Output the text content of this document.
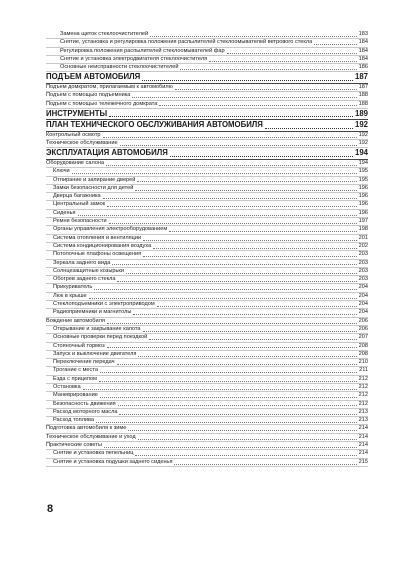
Замена щеток стеклоочистителей	183
Снятие, установка и регулировка положения распылителей стеклоомывателей ветрового стекла	184
Регулировка положения распылителей стеклоомывателей фар	184
Снятие и установка электродвигателя стеклоочистителя	184
Основные неисправности стеклоочистителей	186
ПОДЪЕМ АВТОМОБИЛЯ	187
Подъем домкратом, прилагаемым к автомобилю	187
Подъем с помощью подъемника	188
Подъем с помощью тележечного домкрата	188
ИНСТРУМЕНТЫ	189
ПЛАН ТЕХНИЧЕСКОГО ОБСЛУЖИВАНИЯ АВТОМОБИЛЯ	192
Контрольный осмотр	192
Техническое обслуживание	192
ЭКСПЛУАТАЦИЯ АВТОМОБИЛЯ	194
Оборудование салона	194
Ключи	195
Отпирание и запирание дверей	195
Замки безопасности для детей	196
Дверца багажника	196
Центральный замок	196
Сиденья	196
Ремни безопасности	197
Органы управления электрооборудованием	198
Система отопления и вентиляции	201
Система кондиционирования воздуха	202
Потолочные плафоны освещения	203
Зеркала заднего вида	203
Солнцезащитные козырьки	203
Обогрев заднего стекла	203
Прикуриватель	204
Люк в крыше	204
Стеклоподъемники с электроприводом	204
Радиоприемники и магнитолы	204
Вождение автомобиля	206
Открывание и закрывание капота	206
Основные проверки перед поездкой	207
Стояночный тормоз	208
Запуск и выключение двигателя	208
Переключение передач	210
Трогание с места	211
Езда с прицепом	212
Остановка	212
Маневрирование	212
Безопасность движения	212
Расход моторного масла	213
Расход топлива	213
Подготовка автомобиля к зиме	214
Техническое обслуживание и уход	214
Практические советы	214
Снятие и установка пепельниц	214
Снятие и установка подушки заднего сиденья	215
8
